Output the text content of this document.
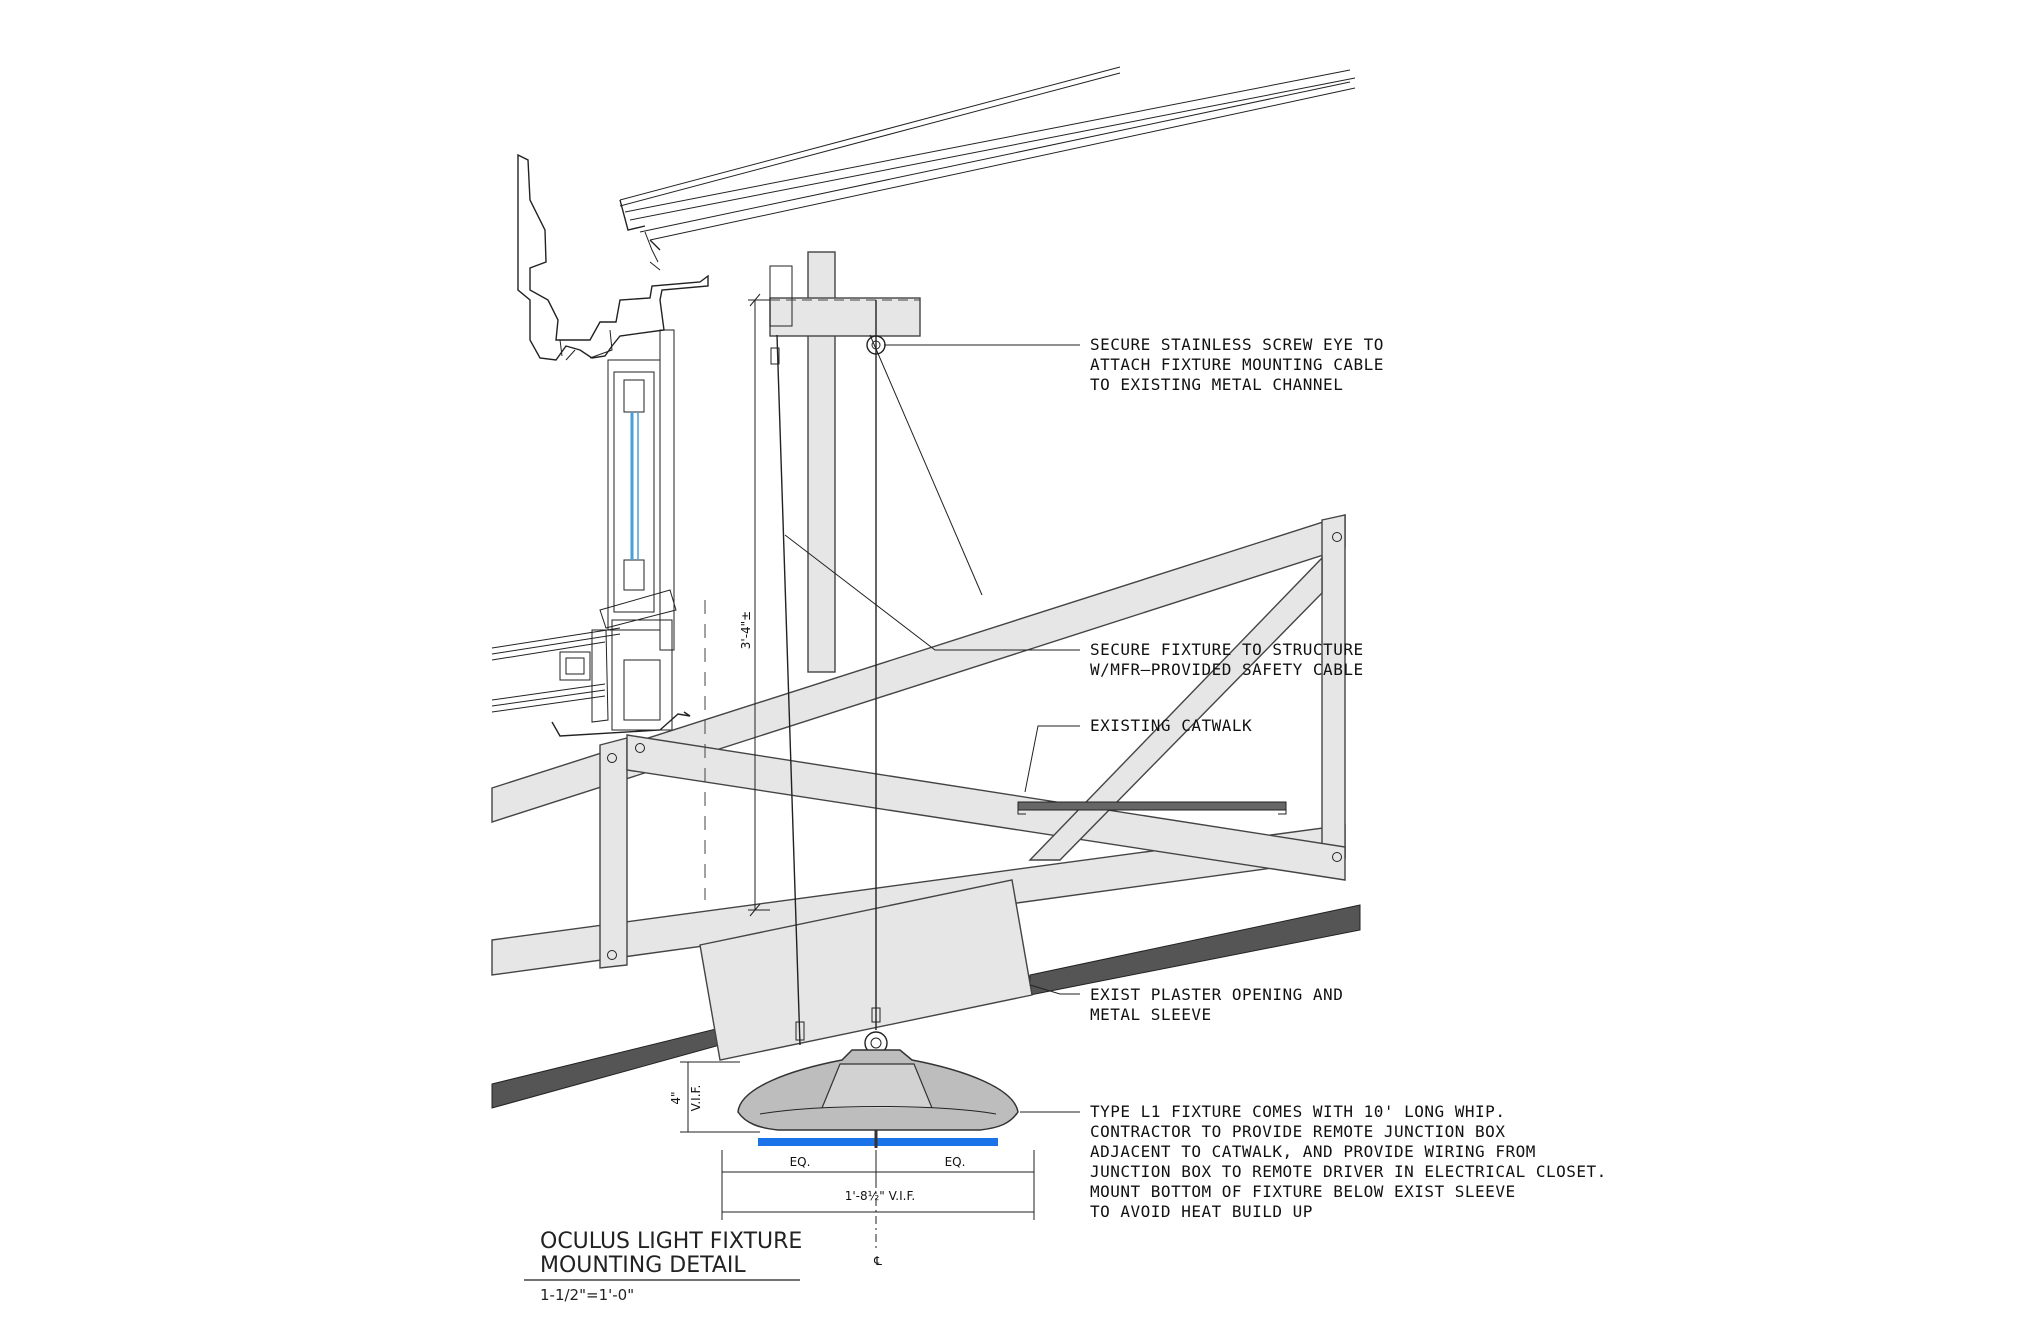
3'-4"±
4" V.I.F.
EQ.	EQ.
1'-8½" V.I.F.
℄
SECURE STAINLESS SCREW EYE TO ATTACH FIXTURE MOUNTING CABLE TO EXISTING METAL CHANNEL
SECURE FIXTURE TO STRUCTURE W/MFR–PROVIDED SAFETY CABLE
EXISTING CATWALK
EXIST PLASTER OPENING AND METAL SLEEVE
TYPE L1 FIXTURE COMES WITH 10' LONG WHIP. CONTRACTOR TO PROVIDE REMOTE JUNCTION BOX ADJACENT TO CATWALK, AND PROVIDE WIRING FROM JUNCTION BOX TO REMOTE DRIVER IN ELECTRICAL CLOSET. MOUNT BOTTOM OF FIXTURE BELOW EXIST SLEEVE TO AVOID HEAT BUILD UP
OCULUS LIGHT FIXTURE
MOUNTING DETAIL
1-1/2"=1'-0"
